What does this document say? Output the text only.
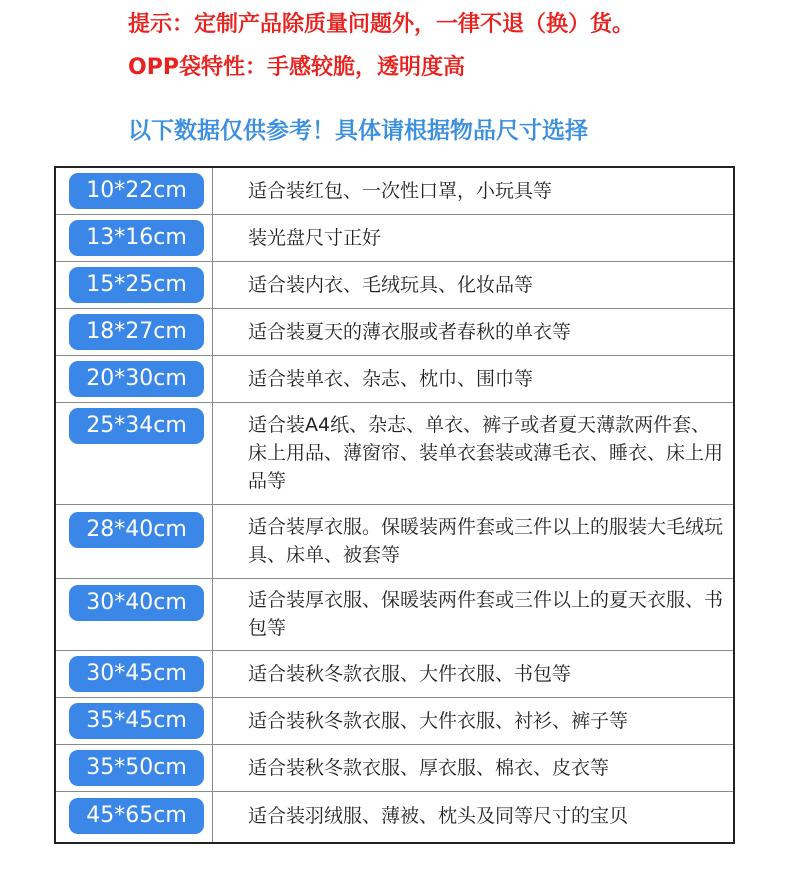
提示：定制产品除质量问题外，一律不退（换）货。
OPP袋特性：手感较脆，透明度高
以下数据仅供参考！具体请根据物品尺寸选择
10*22cm	适合装红包、一次性口罩，小玩具等
13*16cm	装光盘尺寸正好
15*25cm	适合装内衣、毛绒玩具、化妆品等
18*27cm	适合装夏天的薄衣服或者春秋的单衣等
20*30cm	适合装单衣、杂志、枕巾、围巾等
25*34cm	适合装A4纸、杂志、单衣、裤子或者夏天薄款两件套、床上用品、薄窗帘、装单衣套装或薄毛衣、睡衣、床上用品等
28*40cm	适合装厚衣服。保暖装两件套或三件以上的服装大毛绒玩具、床单、被套等
30*40cm	适合装厚衣服、保暖装两件套或三件以上的夏天衣服、书包等
30*45cm	适合装秋冬款衣服、大件衣服、书包等
35*45cm	适合装秋冬款衣服、大件衣服、衬衫、裤子等
35*50cm	适合装秋冬款衣服、厚衣服、棉衣、皮衣等
45*65cm	适合装羽绒服、薄被、枕头及同等尺寸的宝贝
